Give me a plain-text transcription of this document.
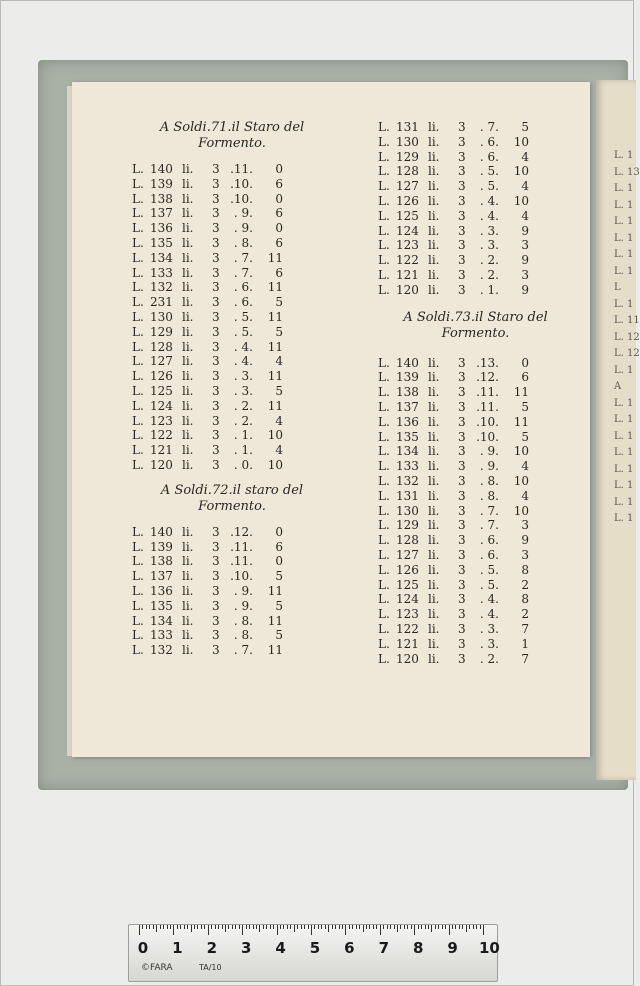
L. 1
L. 13
L. 1
L. 1
L. 1
L. 1
L. 1
L. 1
L
L. 1
L. 11
L. 12
L. 12
L. 1
A
L. 1
L. 1
L. 1
L. 1
L. 1
L. 1
L. 1
L. 1
A Soldi.71.il Staro del
Formento.
L. 140 li.	3 .11.	0
L. 139 li.	3 .10.	6
L. 138 li.	3 .10.	0
L. 137 li.	3	. 9.	6
L. 136 li.	3	. 9.	0
L. 135 li.	3	. 8.	6
L. 134 li.	3	. 7.	11
L. 133 li.	3	. 7.	6
L. 132 li.	3	. 6.	11
L. 231 li.	3	. 6.	5
L. 130 li.	3	. 5.	11
L. 129 li.	3	. 5.	5
L. 128 li.	3	. 4.	11
L. 127 li.	3	. 4.	4
L. 126 li.	3	. 3.	11
L. 125 li.	3	. 3.	5
L. 124 li.	3	. 2.	11
L. 123 li.	3	. 2.	4
L. 122 li.	3	. 1.	10
L. 121 li.	3	. 1.	4
L. 120 li.	3	. 0.	10
A Soldi.72.il staro del
Formento.
L. 140 li.	3 .12.	0
L. 139 li.	3 .11.	6
L. 138 li.	3 .11.	0
L. 137 li.	3 .10.	5
L. 136 li.	3	. 9.	11
L. 135 li.	3	. 9.	5
L. 134 li.	3	. 8.	11
L. 133 li.	3	. 8.	5
L. 132 li.	3	. 7.	11
L. 131 li.	3	. 7.	5
L. 130 li.	3	. 6.	10
L. 129 li.	3	. 6.	4
L. 128 li.	3	. 5.	10
L. 127 li.	3	. 5.	4
L. 126 li.	3	. 4.	10
L. 125 li.	3	. 4.	4
L. 124 li.	3	. 3.	9
L. 123 li.	3	. 3.	3
L. 122 li.	3	. 2.	9
L. 121 li.	3	. 2.	3
L. 120 li.	3	. 1.	9
A Soldi.73.il Staro del
Formento.
L. 140 li.	3 .13.	0
L. 139 li.	3 .12.	6
L. 138 li.	3 .11.	11
L. 137 li.	3 .11.	5
L. 136 li.	3 .10.	11
L. 135 li.	3 .10.	5
L. 134 li.	3	. 9.	10
L. 133 li.	3	. 9.	4
L. 132 li.	3	. 8.	10
L. 131 li.	3	. 8.	4
L. 130 li.	3	. 7.	10
L. 129 li.	3	. 7.	3
L. 128 li.	3	. 6.	9
L. 127 li.	3	. 6.	3
L. 126 li.	3	. 5.	8
L. 125 li.	3	. 5.	2
L. 124 li.	3	. 4.	8
L. 123 li.	3	. 4.	2
L. 122 li.	3	. 3.	7
L. 121 li.	3	. 3.	1
L. 120 li.	3	. 2.	7
0 1 2 3 4 5 6 7 8 9 10
©FARA	TA/10
